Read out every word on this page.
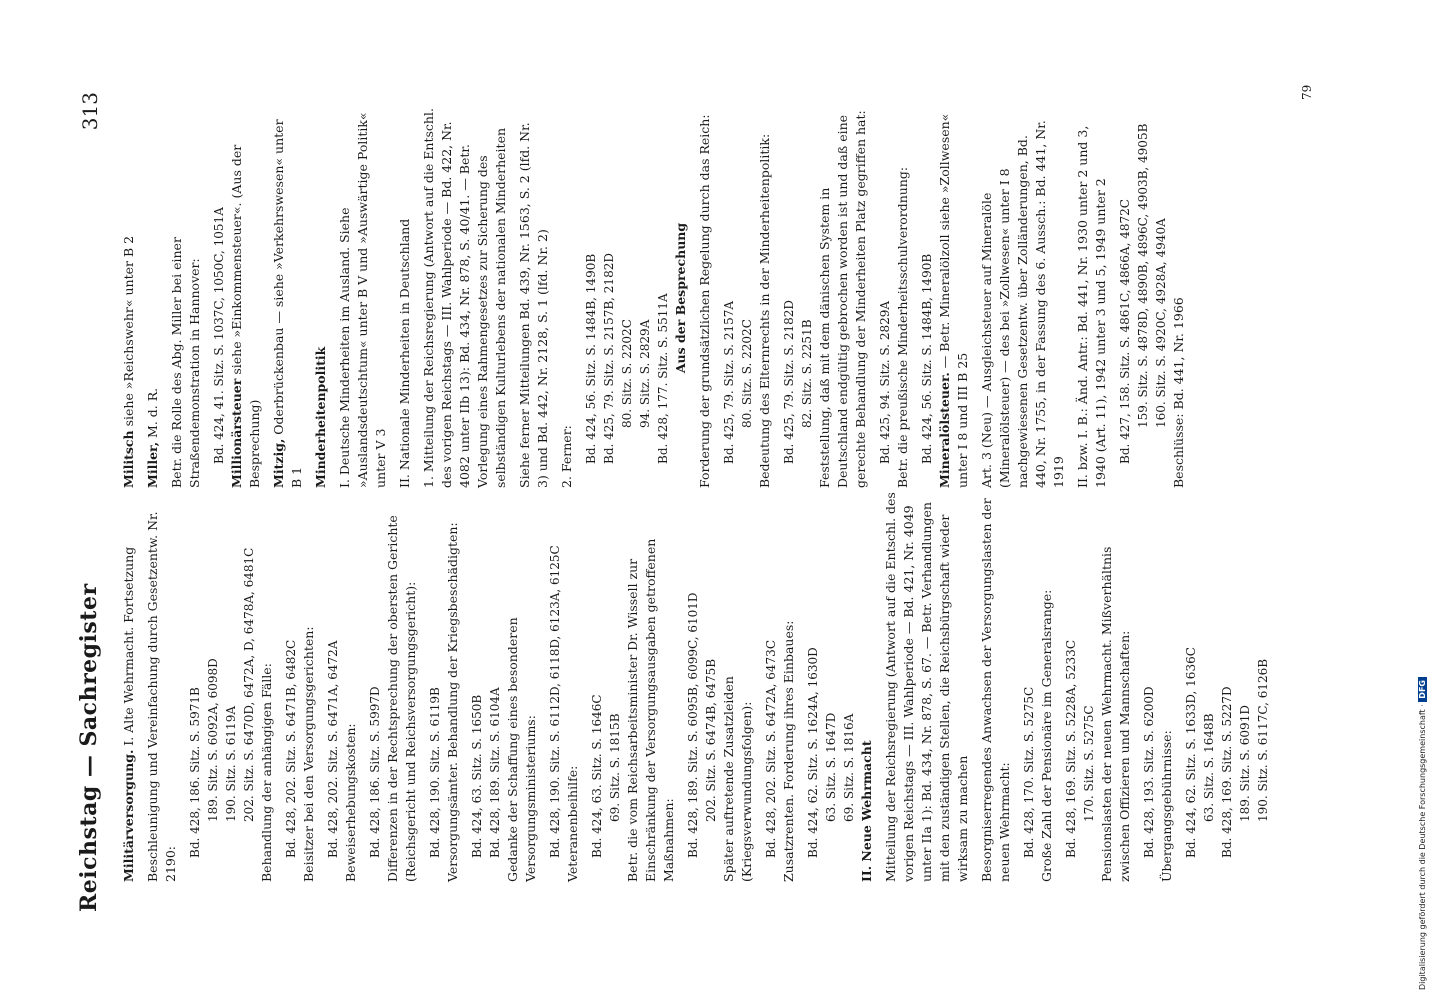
Reichstag — Sachregister
313
Militärversorgung. I. Alte Wehrmacht. Fortsetzung Beschleunigung und Vereinfachung durch Gesetzentw. Nr. 2190:
Bd. 428, 186. Sitz. S. 5971B 189. Sitz. S. 6092A, 6098D 190. Sitz. S. 6119A 202. Sitz. S. 6470D, 6472A, D, 6478A, 6481C Behandlung der anhängigen Fälle: Bd. 428, 202. Sitz. S. 6471B, 6482C Beisitzer bei den Versorgungsgerichten: Bd. 428, 202. Sitz. S. 6471A, 6472A Beweiserhebungskosten: Bd. 428, 186. Sitz. S. 5997D Differenzen in der Rechtsprechung der obersten Gerichte (Reichsgericht und Reichsversorgungsgericht): Bd. 428, 190. Sitz. S. 6119B Versorgungsämter. Behandlung der Kriegsbeschädigten: Bd. 424, 63. Sitz. S. 1650B Bd. 428, 189. Sitz. S. 6104A Gedanke der Schaffung eines besonderen Versorgungsministeriums: Bd. 428, 190. Sitz. S. 6112D, 6118D, 6123A, 6125C Veteranenbeihilfe: Bd. 424, 63. Sitz. S. 1646C 69. Sitz. S. 1815B Betr. die vom Reichsarbeitsminister Dr. Wissell zur Einschränkung der Versorgungsausgaben getroffenen Maßnahmen: Bd. 428, 189. Sitz. S. 6095B, 6099C, 6101D 202. Sitz. S. 6474B, 6475B Später auftretende Zusatzleiden (Kriegsverwundungsfolgen): Bd. 428, 202. Sitz. S. 6472A, 6473C Zusatzrenten. Forderung ihres Einbaues: Bd. 424, 62. Sitz. S. 1624A, 1630D 63. Sitz. S. 1647D 69. Sitz. S. 1816A II. Neue Wehrmacht Mitteilung der Reichsregierung (Antwort auf die Entschl. des vorigen Reichstags — III. Wahlperiode — Bd. 421, Nr. 4049 unter IIa 1): Bd. 434, Nr. 878, S. 67. — Betr. Verhandlungen mit den zuständigen Stellen, die Reichsbürgschaft wieder wirksam zu machen Besorgniserregendes Anwachsen der Versorgungslasten der neuen Wehrmacht: Bd. 428, 170. Sitz. S. 5275C Große Zahl der Pensionäre im Generalsrange: Bd. 428, 169. Sitz. S. 5228A, 5233C 170. Sitz. S. 5275C Pensionslasten der neuen Wehrmacht. Mißverhältnis zwischen Offizieren und Mannschaften: Bd. 428, 193. Sitz. S. 6200D Übergangsgebührnisse: Bd. 424, 62. Sitz. S. 1633D, 1636C 63. Sitz. S. 1648B Bd. 428, 169. Sitz. S. 5227D 189. Sitz. S. 6091D 190. Sitz. S. 6117C, 6126B
Militsch siehe »Reichswehr« unter B 2
Miller, M. d. R. Betr. die Rolle des Abg. Miller bei einer Straßendemonstration in Hannover: Bd. 424, 41. Sitz. S. 1037C, 1050C, 1051A Millionärsteuer siehe »Einkommensteuer«. (Aus der Besprechung) Mitzig, Oderbrückenbau — siehe »Verkehrswesen« unter B 1 Minderheitenpolitik I. Deutsche Minderheiten im Ausland. Siehe »Auslandsdeutschtum« unter B V und »Auswärtige Politik« unter V 3 II. Nationale Minderheiten in Deutschland 1. Mitteilung der Reichsregierung (Antwort auf die Entschl. des vorigen Reichstags — III. Wahlperiode — Bd. 422, Nr. 4082 unter IIb 13): Bd. 434, Nr. 878, S. 40/41. — Betr. Vorlegung eines Rahmengesetzes zur Sicherung des selbständigen Kulturlebens der nationalen Minderheiten Siehe ferner Mitteilungen Bd. 439, Nr. 1563, S. 2 (lfd. Nr. 3) und Bd. 442, Nr. 2128, S. 1 (lfd. Nr. 2) 2. Ferner: Bd. 424, 56. Sitz. S. 1484B, 1490B Bd. 425, 79. Sitz. S. 2157B, 2182D 80. Sitz. S. 2202C 94. Sitz. S. 2829A Bd. 428, 177. Sitz. S. 5511A Aus der Besprechung Forderung der grundsätzlichen Regelung durch das Reich: Bd. 425, 79. Sitz. S. 2157A 80. Sitz. S. 2202C Bedeutung des Elternrechts in der Minderheitenpolitik: Bd. 425, 79. Sitz. S. 2182D 82. Sitz. S. 2251B Feststellung, daß mit dem dänischen System in Deutschland endgültig gebrochen worden ist und daß eine gerechte Behandlung der Minderheiten Platz gegriffen hat: Bd. 425, 94. Sitz. S. 2829A Betr. die preußische Minderheitsschulverordnung: Bd. 424, 56. Sitz. S. 1484B, 1490B Mineralölsteuer. — Betr. Mineralölzoll siehe »Zollwesen« unter I 8 und III B 25 Art. 3 (Neu) — Ausgleichsteuer auf Mineralöle (Mineralölsteuer) — des bei »Zollwesen« unter I 8 nachgewiesenen Gesetzentw. über Zolländerungen, Bd. 440, Nr. 1755, in der Fassung des 6. Aussch.: Bd. 441, Nr. 1919 II. bzw. I. B.: Änd. Antr.: Bd. 441, Nr. 1930 unter 2 und 3, 1940 (Art. 11), 1942 unter 3 und 5, 1949 unter 2 Bd. 427, 158. Sitz. S. 4861C, 4866A, 4872C 159. Sitz. S. 4878D, 4890B, 4896C, 4903B, 4905B 160. Sitz. S. 4920C, 4928A, 4940A Beschlüsse: Bd. 441, Nr. 1966
79
Digitalisierung gefördert durch die Deutsche Forschungsgemeinschaft · DFG
